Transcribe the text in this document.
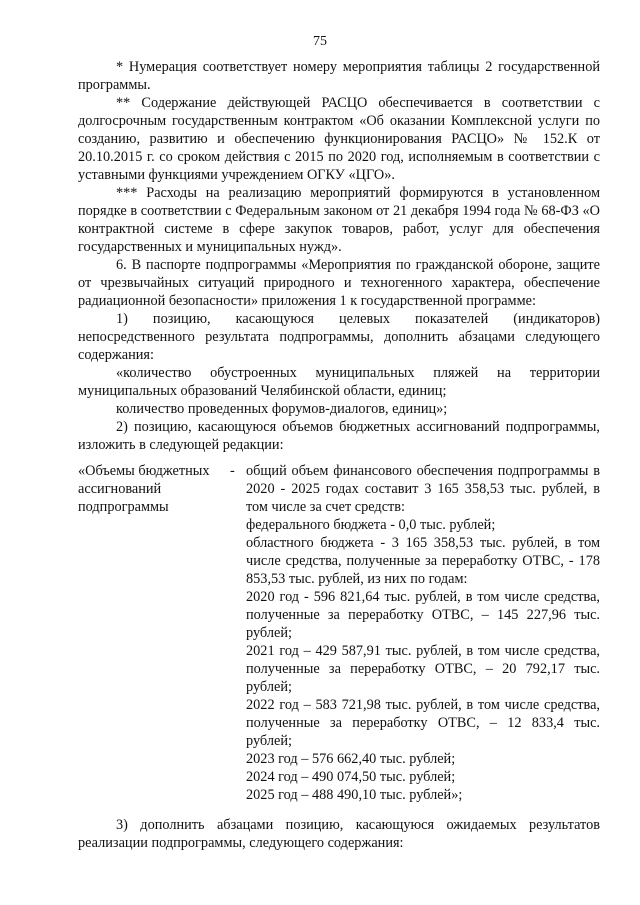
75

* Нумерация соответствует номеру мероприятия таблицы 2 государственной программы.

** Содержание действующей РАСЦО обеспечивается в соответствии с долгосрочным государственным контрактом «Об оказании Комплексной услуги по созданию, развитию и обеспечению функционирования РАСЦО» № 152.К от 20.10.2015 г. со сроком действия с 2015 по 2020 год, исполняемым в соответствии с уставными функциями учреждением ОГКУ «ЦГО».

*** Расходы на реализацию мероприятий формируются в установленном порядке в соответствии с Федеральным законом от 21 декабря 1994 года № 68-ФЗ «О контрактной системе в сфере закупок товаров, работ, услуг для обеспечения государственных и муниципальных нужд».

6. В паспорте подпрограммы «Мероприятия по гражданской обороне, защите от чрезвычайных ситуаций природного и техногенного характера, обеспечение радиационной безопасности» приложения 1 к государственной программе:

1) позицию, касающуюся целевых показателей (индикаторов) непосредственного результата подпрограммы, дополнить абзацами следующего содержания:

«количество обустроенных муниципальных пляжей на территории муниципальных образований Челябинской области, единиц;

количество проведенных форумов-диалогов, единиц»;

2) позицию, касающуюся объемов бюджетных ассигнований подпрограммы, изложить в следующей редакции:

«Объемы бюджетных ассигнований подпрограммы
- общий объем финансового обеспечения подпрограммы в 2020 - 2025 годах составит 3 165 358,53 тыс. рублей, в том числе за счет средств:

федерального бюджета - 0,0 тыс. рублей;

областного бюджета - 3 165 358,53 тыс. рублей, в том числе средства, полученные за переработку ОТВС, - 178 853,53 тыс. рублей, из них по годам:

2020 год - 596 821,64 тыс. рублей, в том числе средства, полученные за переработку ОТВС, – 145 227,96 тыс. рублей;

2021 год – 429 587,91 тыс. рублей, в том числе средства, полученные за переработку ОТВС, – 20 792,17 тыс. рублей;

2022 год – 583 721,98 тыс. рублей, в том числе средства, полученные за переработку ОТВС, – 12 833,4 тыс. рублей;

2023 год – 576 662,40 тыс. рублей;

2024 год – 490 074,50 тыс. рублей;

2025 год – 488 490,10 тыс. рублей»;

3) дополнить абзацами позицию, касающуюся ожидаемых результатов реализации подпрограммы, следующего содержания:
